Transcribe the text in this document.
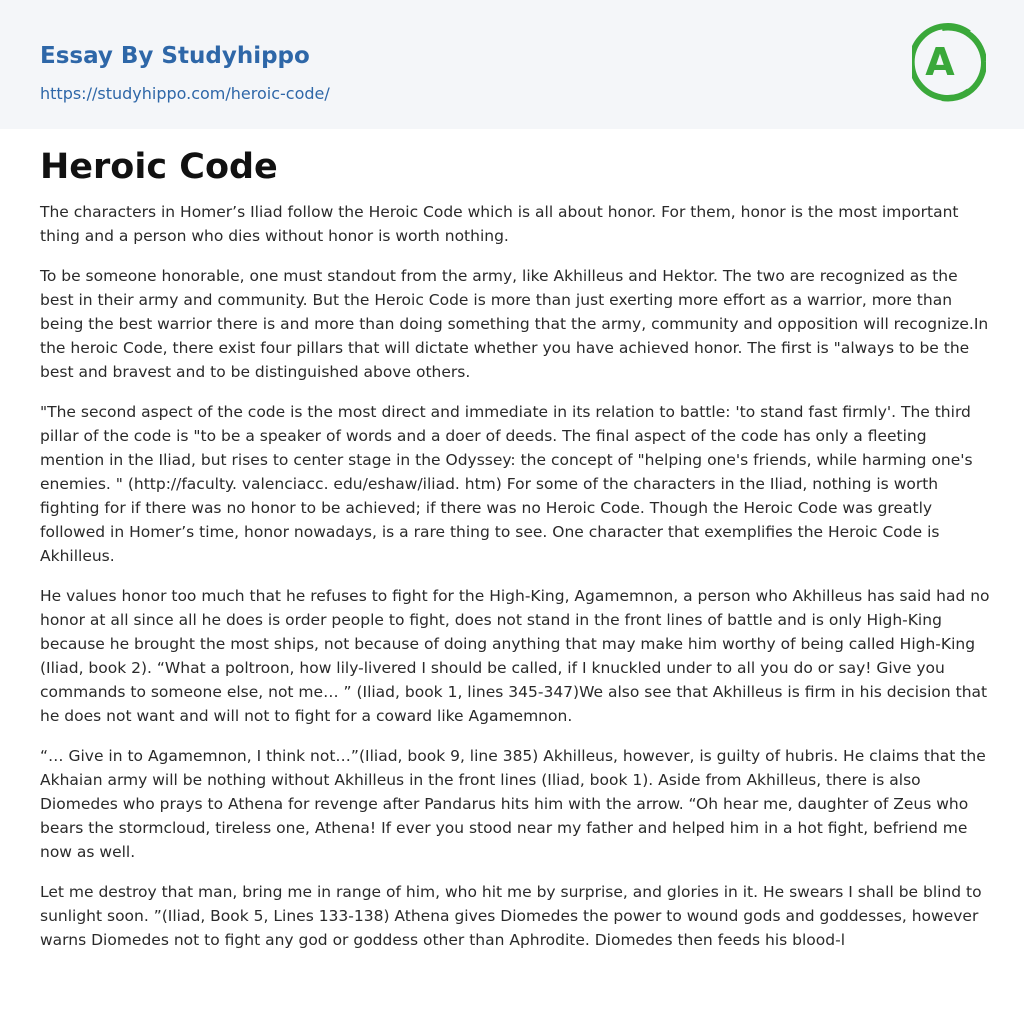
Essay By Studyhippo
https://studyhippo.com/heroic-code/
A
Heroic Code

The characters in Homer’s Iliad follow the Heroic Code which is all about honor. For them, honor is the most important thing and a person who dies without honor is worth nothing.

To be someone honorable, one must standout from the army, like Akhilleus and Hektor. The two are recognized as the best in their army and community. But the Heroic Code is more than just exerting more effort as a warrior, more than being the best warrior there is and more than doing something that the army, community and opposition will recognize.In the heroic Code, there exist four pillars that will dictate whether you have achieved honor. The first is "always to be the best and bravest and to be distinguished above others.

"The second aspect of the code is the most direct and immediate in its relation to battle: 'to stand fast firmly'. The third pillar of the code is "to be a speaker of words and a doer of deeds. The final aspect of the code has only a fleeting mention in the Iliad, but rises to center stage in the Odyssey: the concept of "helping one's friends, while harming one's enemies. " (http://faculty. valenciacc. edu/eshaw/iliad. htm) For some of the characters in the Iliad, nothing is worth fighting for if there was no honor to be achieved; if there was no Heroic Code. Though the Heroic Code was greatly followed in Homer’s time, honor nowadays, is a rare thing to see. One character that exemplifies the Heroic Code is Akhilleus.

He values honor too much that he refuses to fight for the High-King, Agamemnon, a person who Akhilleus has said had no honor at all since all he does is order people to fight, does not stand in the front lines of battle and is only High-King because he brought the most ships, not because of doing anything that may make him worthy of being called High-King (Iliad, book 2). “What a poltroon, how lily-livered I should be called, if I knuckled under to all you do or say! Give you commands to someone else, not me… ” (Iliad, book 1, lines 345-347)We also see that Akhilleus is firm in his decision that he does not want and will not to fight for a coward like Agamemnon.

“… Give in to Agamemnon, I think not…”(Iliad, book 9, line 385) Akhilleus, however, is guilty of hubris. He claims that the Akhaian army will be nothing without Akhilleus in the front lines (Iliad, book 1). Aside from Akhilleus, there is also Diomedes who prays to Athena for revenge after Pandarus hits him with the arrow. “Oh hear me, daughter of Zeus who bears the stormcloud, tireless one, Athena! If ever you stood near my father and helped him in a hot fight, befriend me now as well.

Let me destroy that man, bring me in range of him, who hit me by surprise, and glories in it. He swears I shall be blind to sunlight soon. ”(Iliad, Book 5, Lines 133-138) Athena gives Diomedes the power to wound gods and goddesses, however warns Diomedes not to fight any god or goddess other than Aphrodite. Diomedes then feeds his blood-l
